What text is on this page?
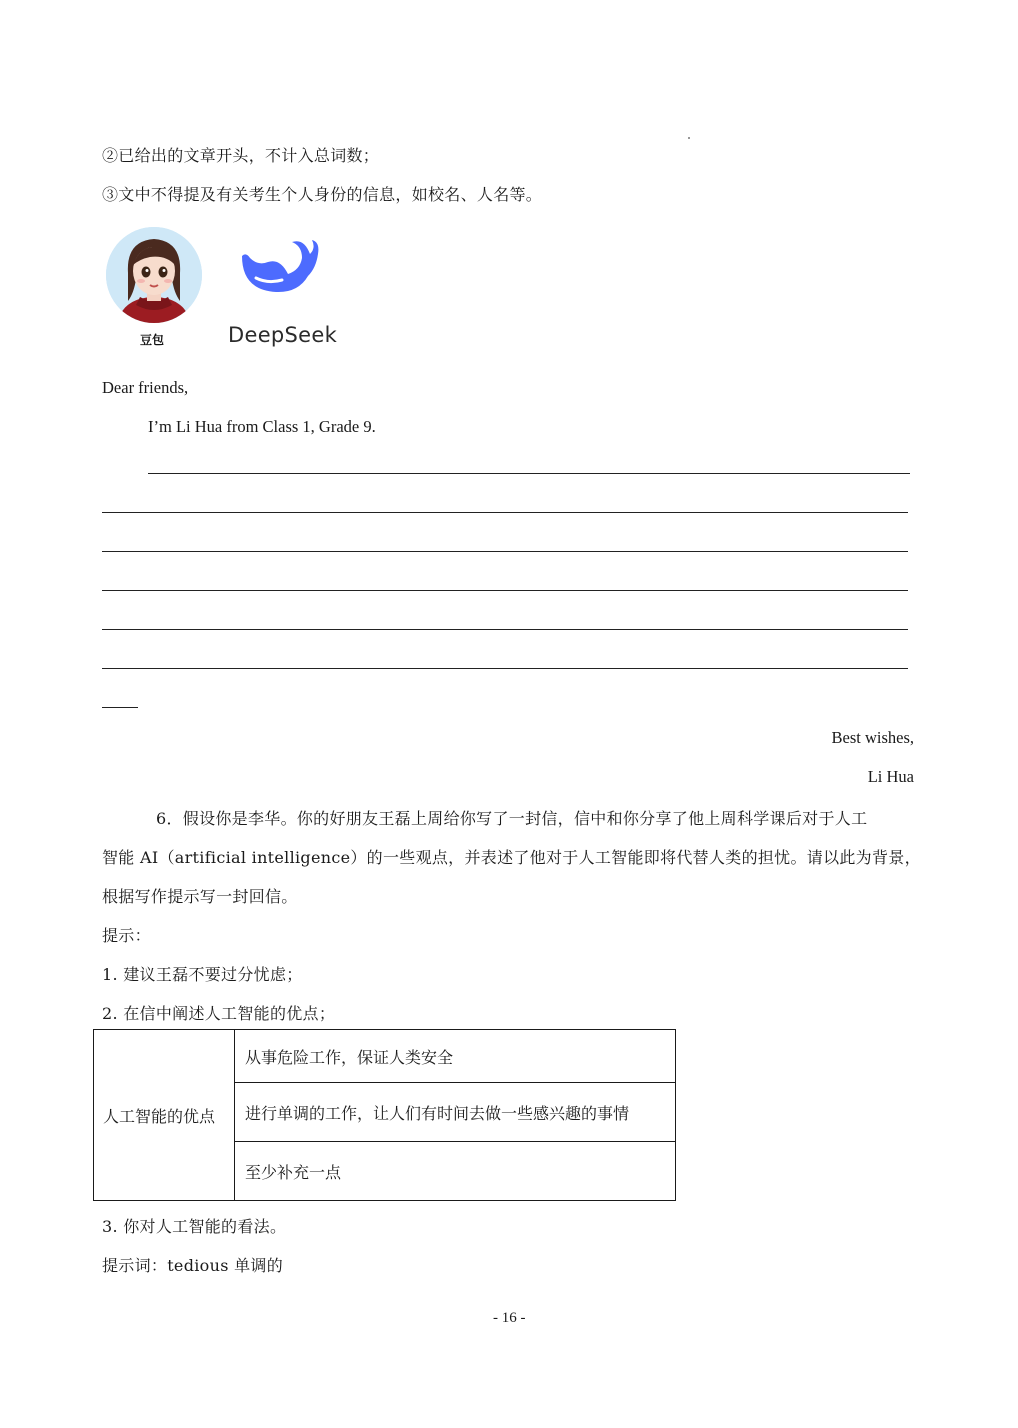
②已给出的文章开头，不计入总词数；
③文中不得提及有关考生个人身份的信息，如校名、人名等。
豆包	DeepSeek
Dear friends,
I’m Li Hua from Class 1, Grade 9.
Best wishes,
Li Hua
6．假设你是李华。你的好朋友王磊上周给你写了一封信，信中和你分享了他上周科学课后对于人工
智能 AI（artificial intelligence）的一些观点，并表述了他对于人工智能即将代替人类的担忧。请以此为背景，
根据写作提示写一封回信。
提示：
1. 建议王磊不要过分忧虑；
2. 在信中阐述人工智能的优点；
人工智能的优点	从事危险工作，保证人类安全
进行单调的工作，让人们有时间去做一些感兴趣的事情
至少补充一点
3. 你对人工智能的看法。
提示词：tedious 单调的
- 16 -
